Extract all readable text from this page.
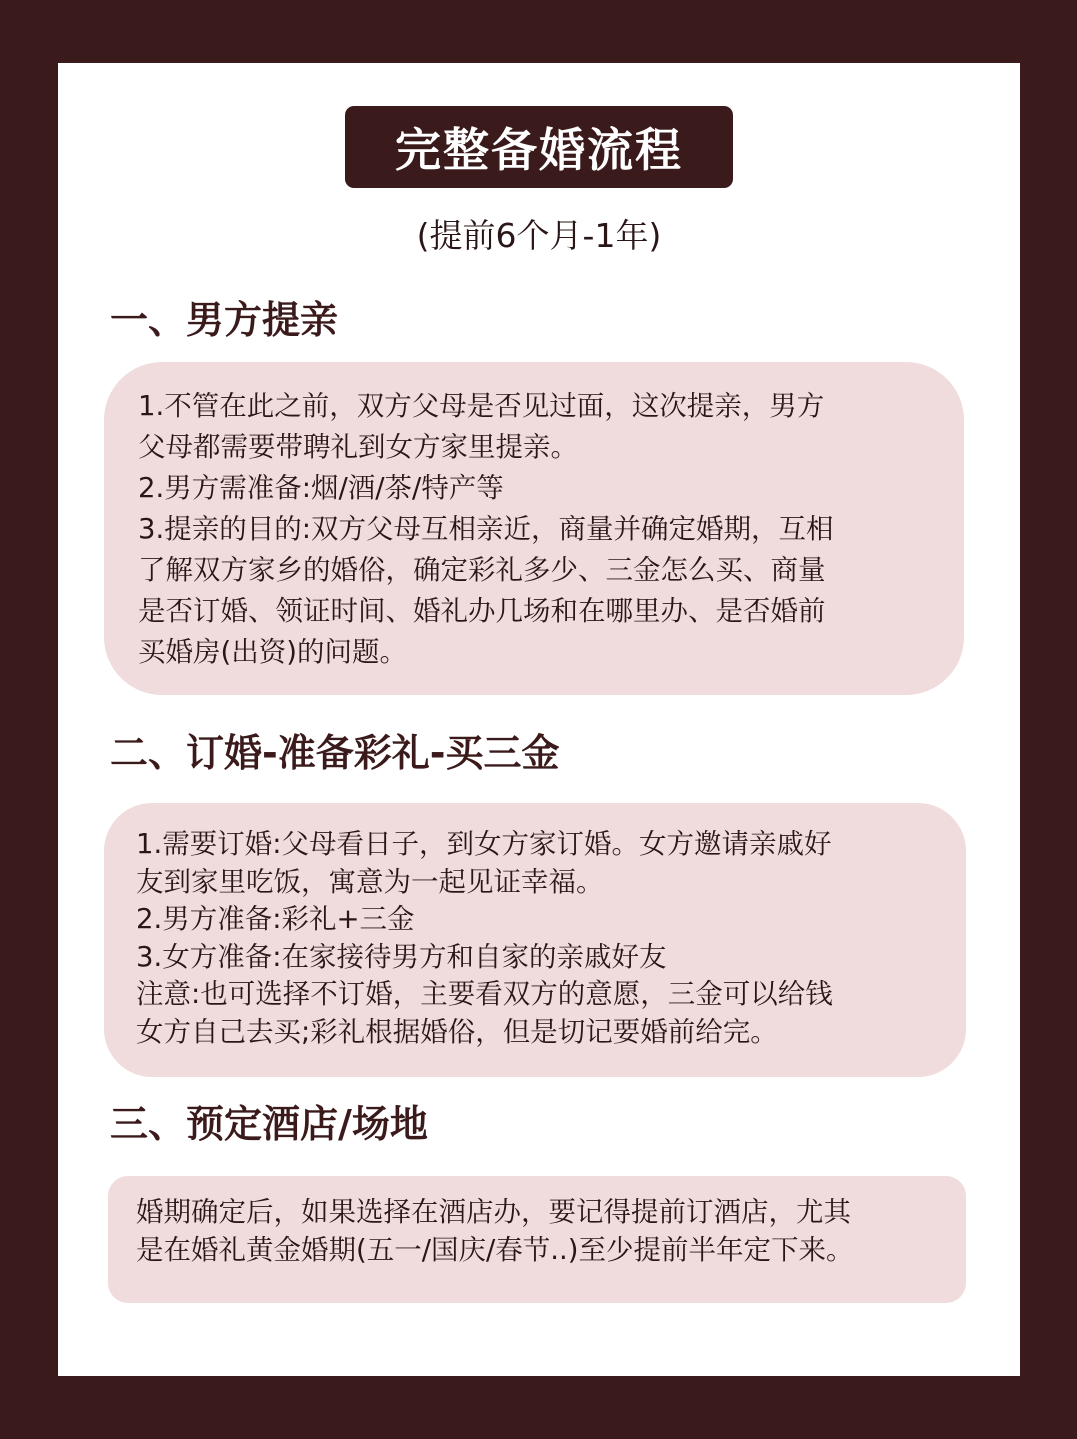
完整备婚流程
(提前6个月-1年)
一、男方提亲
1.不管在此之前，双方父母是否见过面，这次提亲，男方
父母都需要带聘礼到女方家里提亲。
2.男方需准备:烟/酒/茶/特产等
3.提亲的目的:双方父母互相亲近，商量并确定婚期，互相
了解双方家乡的婚俗，确定彩礼多少、三金怎么买、商量
是否订婚、领证时间、婚礼办几场和在哪里办、是否婚前
买婚房(出资)的问题。
二、订婚-准备彩礼-买三金
1.需要订婚:父母看日子，到女方家订婚。女方邀请亲戚好
友到家里吃饭，寓意为一起见证幸福。
2.男方准备:彩礼+三金
3.女方准备:在家接待男方和自家的亲戚好友
注意:也可选择不订婚，主要看双方的意愿，三金可以给钱
女方自己去买;彩礼根据婚俗，但是切记要婚前给完。
三、预定酒店/场地
婚期确定后，如果选择在酒店办，要记得提前订酒店，尤其
是在婚礼黄金婚期(五一/国庆/春节..)至少提前半年定下来。
